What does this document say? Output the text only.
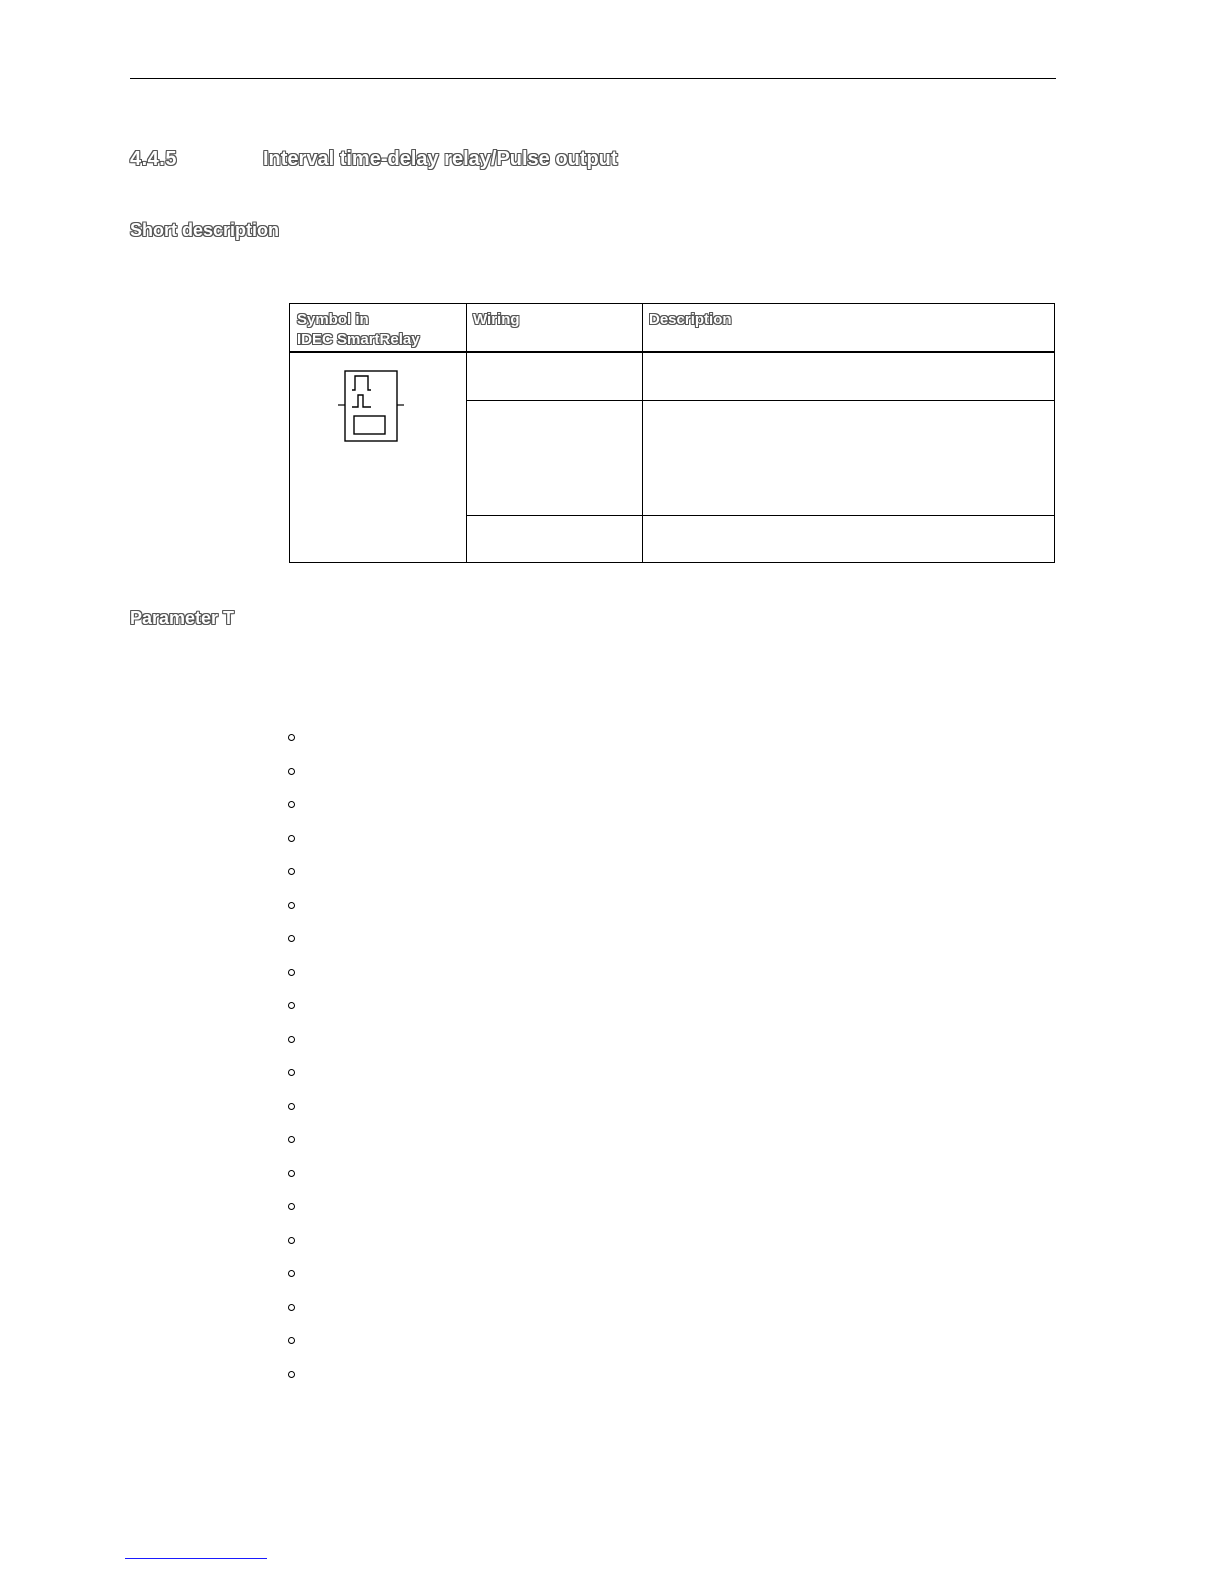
4.4.5	Interval time-delay relay/Pulse output
Short description
Symbol in
IDEC SmartRelay
Wiring	Description
Parameter T
